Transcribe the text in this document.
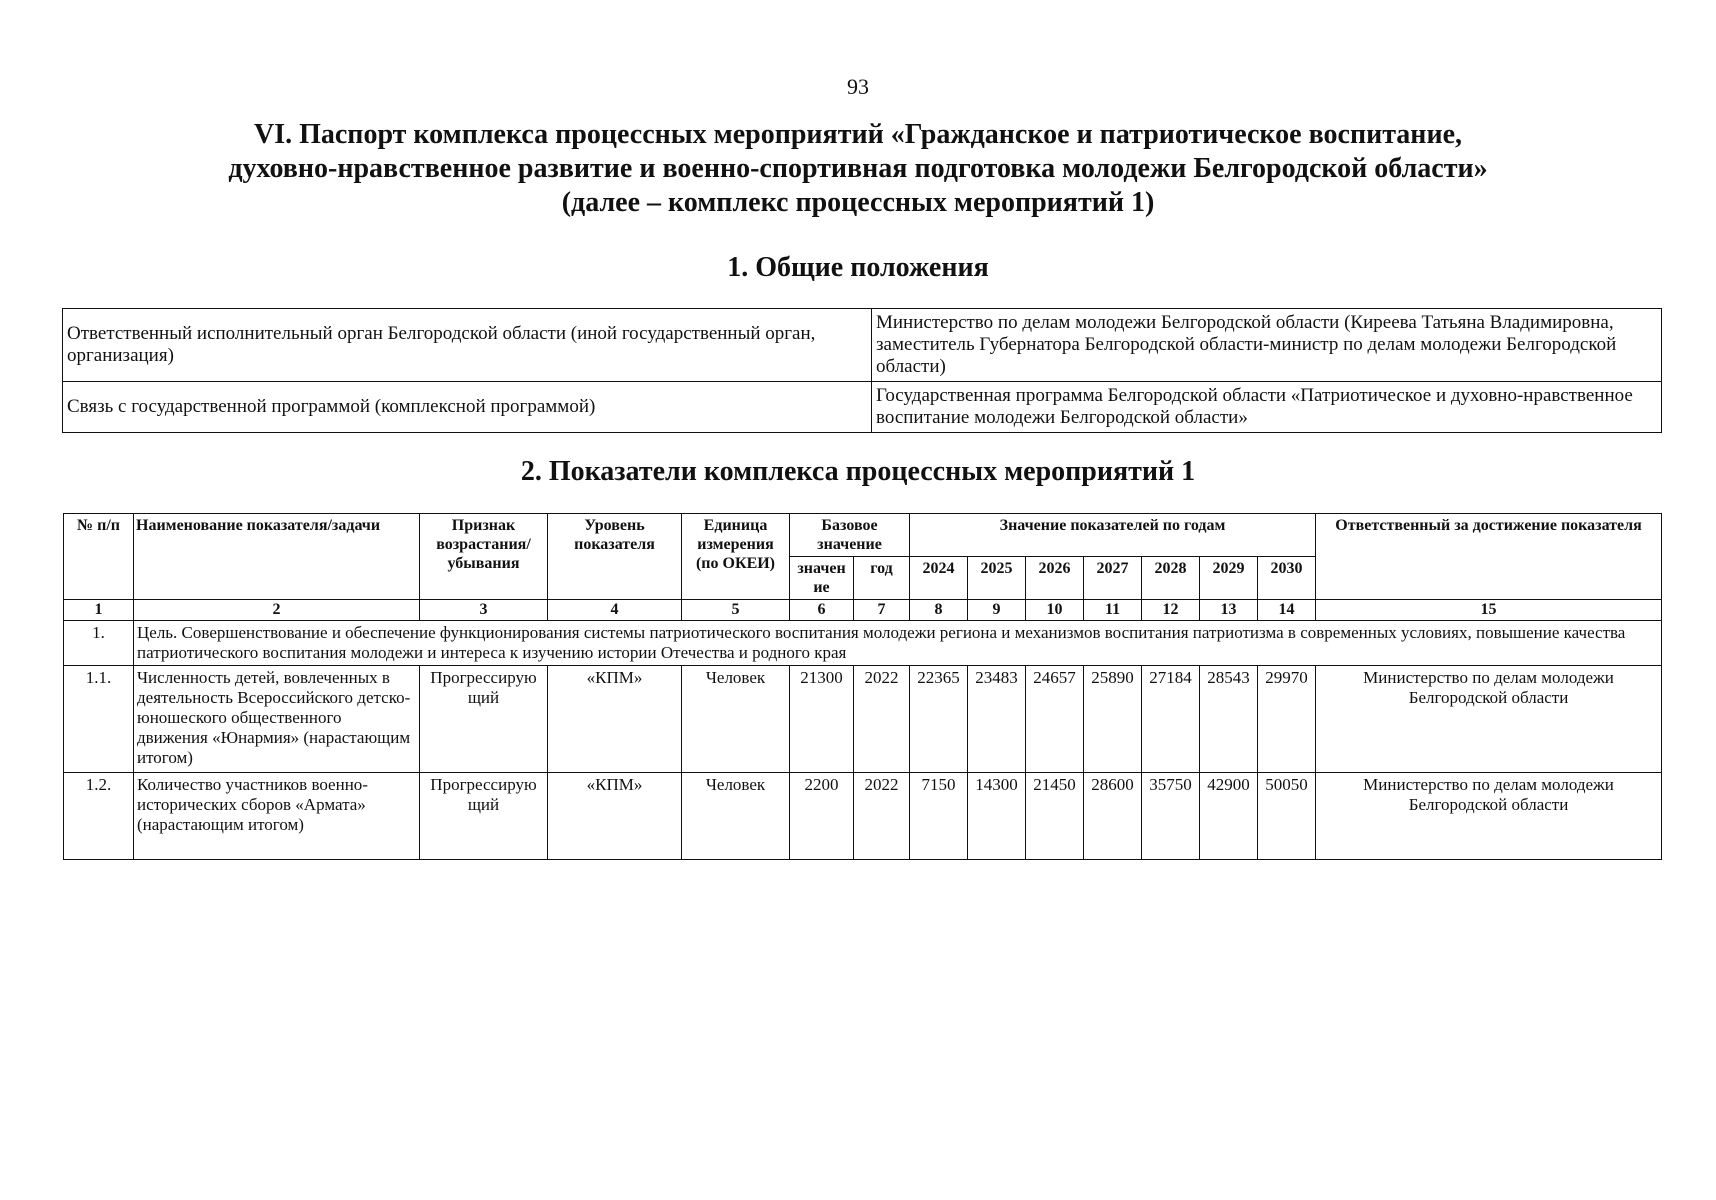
93
VI. Паспорт комплекса процессных мероприятий «Гражданское и патриотическое воспитание,
духовно-нравственное развитие и военно-спортивная подготовка молодежи Белгородской области»
(далее – комплекс процессных мероприятий 1)
1. Общие положения
Ответственный исполнительный орган Белгородской области (иной государственный орган, организация)	Министерство по делам молодежи Белгородской области (Киреева Татьяна Владимировна, заместитель Губернатора Белгородской области-министр по делам молодежи Белгородской области)
Связь с государственной программой (комплексной программой)	Государственная программа Белгородской области «Патриотическое и духовно-нравственное воспитание молодежи Белгородской области»
2. Показатели комплекса процессных мероприятий 1
№ п/п	Наименование показателя/задачи	Признак возрастания/ убывания	Уровень показателя	Единица измерения (по ОКЕИ)	Базовое значение		Значение показателей по годам							Ответственный за достижение показателя
					значен ие	год	2024	2025	2026	2027	2028	2029	2030	
1	2	3	4	5	6	7	8	9	10	11	12	13	14	15
1.	Цель. Совершенствование и обеспечение функционирования системы патриотического воспитания молодежи региона и механизмов воспитания патриотизма в современных условиях, повышение качества патриотического воспитания молодежи и интереса к изучению истории Отечества и родного края													
1.1.	Численность детей, вовлеченных в деятельность Всероссийского детско-юношеского общественного движения «Юнармия» (нарастающим итогом)	Прогрессирую щий	«КПМ»	Человек	21300	2022	22365	23483	24657	25890	27184	28543	29970	Министерство по делам молодежи Белгородской области
1.2.	Количество участников военно-исторических сборов «Армата» (нарастающим итогом)	Прогрессирую щий	«КПМ»	Человек	2200	2022	7150	14300	21450	28600	35750	42900	50050	Министерство по делам молодежи Белгородской области
